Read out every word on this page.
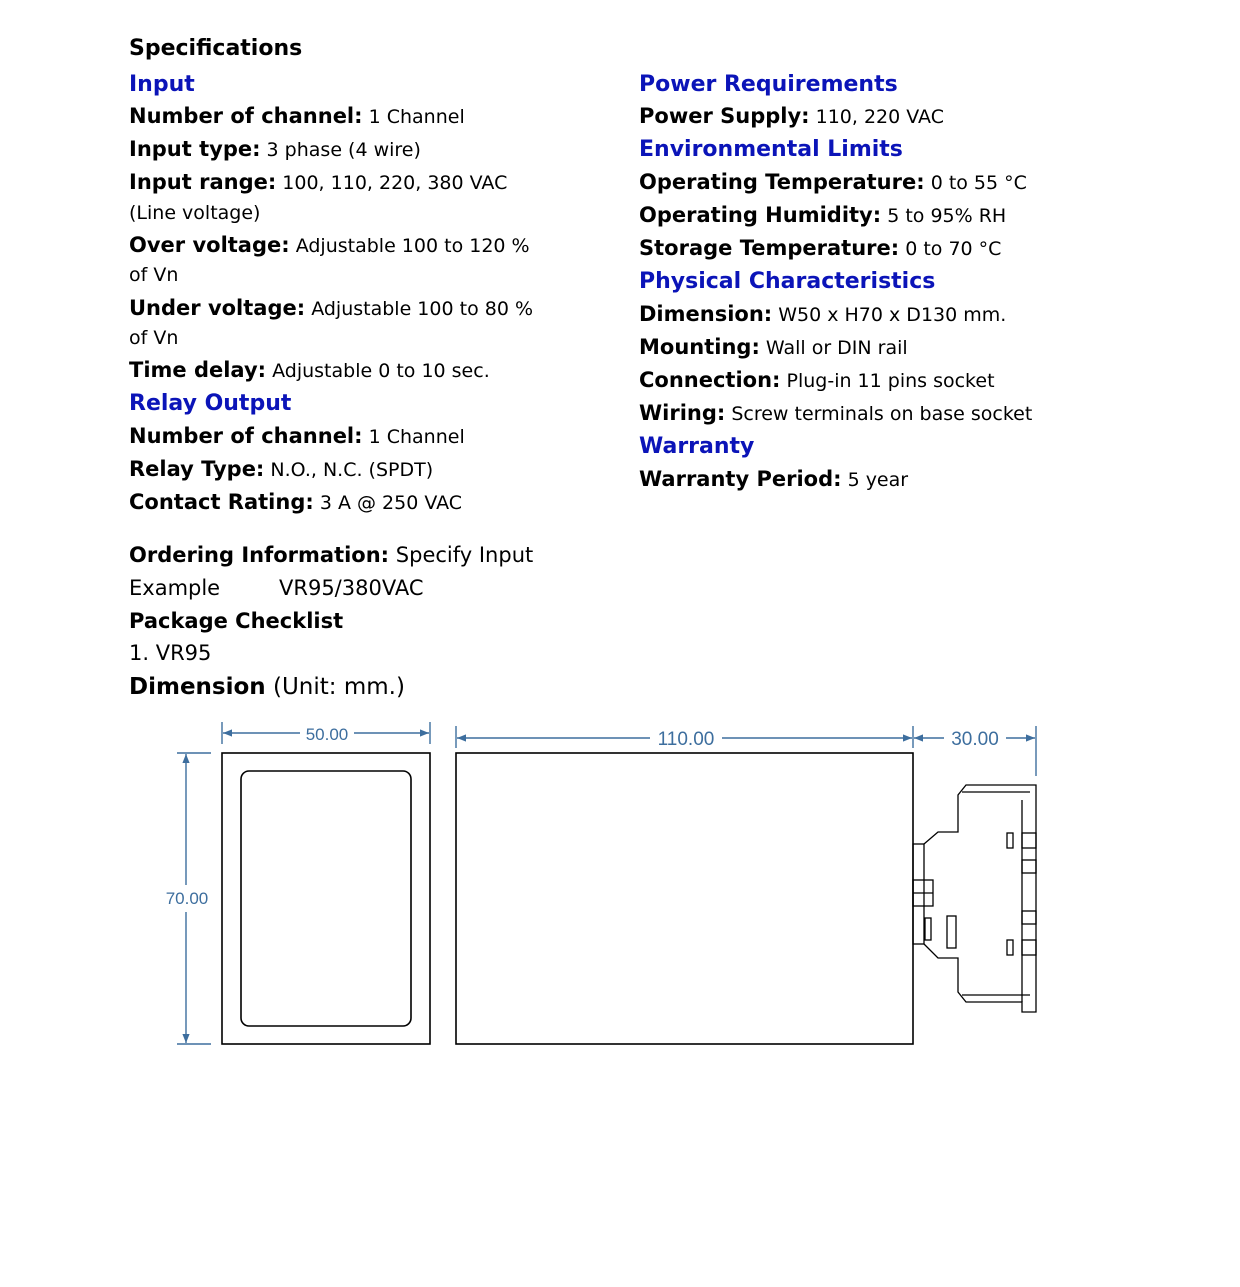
Specifications
Input
Number of channel: 1 Channel
Input type: 3 phase (4 wire)
Input range: 100, 110, 220, 380 VAC
(Line voltage)
Over voltage: Adjustable 100 to 120 %
of Vn
Under voltage: Adjustable 100 to 80 %
of Vn
Time delay: Adjustable 0 to 10 sec.
Relay Output
Number of channel: 1 Channel
Relay Type: N.O., N.C. (SPDT)
Contact Rating: 3 A @ 250 VAC
Power Requirements
Power Supply: 110, 220 VAC
Environmental Limits
Operating Temperature: 0 to 55 °C
Operating Humidity: 5 to 95% RH
Storage Temperature: 0 to 70 °C
Physical Characteristics
Dimension: W50 x H70 x D130 mm.
Mounting: Wall or DIN rail
Connection: Plug-in 11 pins socket
Wiring: Screw terminals on base socket
Warranty
Warranty Period: 5 year
Ordering Information: Specify Input
Example	VR95/380VAC
Package Checklist
1. VR95
Dimension (Unit: mm.)
50.00
70.00
110.00	30.00
